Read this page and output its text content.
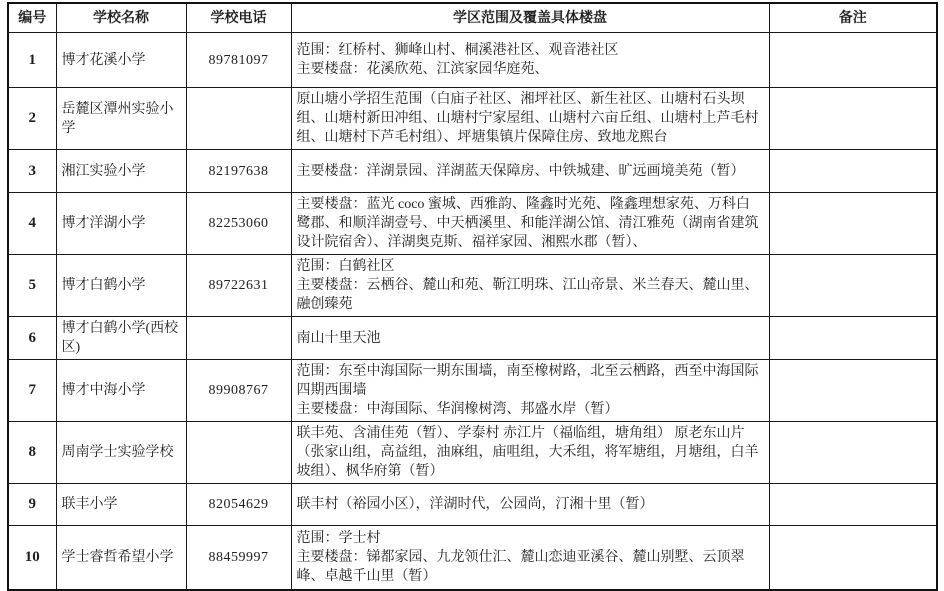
编号	学校名称	学校电话	学区范围及覆盖具体楼盘	备注
1	博才花溪小学	89781097	范围：红桥村、狮峰山村、桐溪港社区、观音港社区
主要楼盘：花溪欣苑、江滨家园华庭苑、	

2	岳麓区潭州实验小学		原山塘小学招生范围（白庙子社区、湘坪社区、新生社区、山塘村石头坝组、山塘村新田冲组、山塘村宁家屋组、山塘村六亩丘组、山塘村上芦毛村组、山塘村下芦毛村组）、坪塘集镇片保障住房、致地龙熙台	

3	湘江实验小学	82197638	主要楼盘：洋湖景园、洋湖蓝天保障房、中铁城建、旷远画境美苑（暂）	

4	博才洋湖小学	82253060	主要楼盘：蓝光 coco 蜜城、西雅韵、隆鑫时光苑、隆鑫理想家苑、万科白鹭郡、和顺洋湖壹号、中天栖溪里、和能洋湖公馆、清江雅苑（湖南省建筑设计院宿舍）、洋湖奥克斯、福祥家园、湘熙水郡（暂）、	

5	博才白鹤小学	89722631	范围：白鹤社区
主要楼盘：云栖谷、麓山和苑、靳江明珠、江山帝景、米兰春天、麓山里、融创臻苑	

6	博才白鹤小学(西校区)		南山十里天池	

7	博才中海小学	89908767	范围：东至中海国际一期东围墙，南至橡树路，北至云栖路，西至中海国际四期西围墙
主要楼盘：中海国际、华润橡树湾、邦盛水岸（暂）	

8	周南学士实验学校		联丰苑、含浦佳苑（暂）、学泰村 赤江片（福临组，塘角组） 原老东山片（张家山组，高益组，油麻组，庙咀组，大禾组，将军塘组，月塘组，白羊坡组）、枫华府第（暂）	

9	联丰小学	82054629	联丰村（裕园小区），洋湖时代，公园尚，汀湘十里（暂）	

10	学士睿哲希望小学	88459997	范围：学士村
主要楼盘：锑都家园、九龙领仕汇、麓山恋迪亚溪谷、麓山别墅、云顶翠峰、卓越千山里（暂）	
